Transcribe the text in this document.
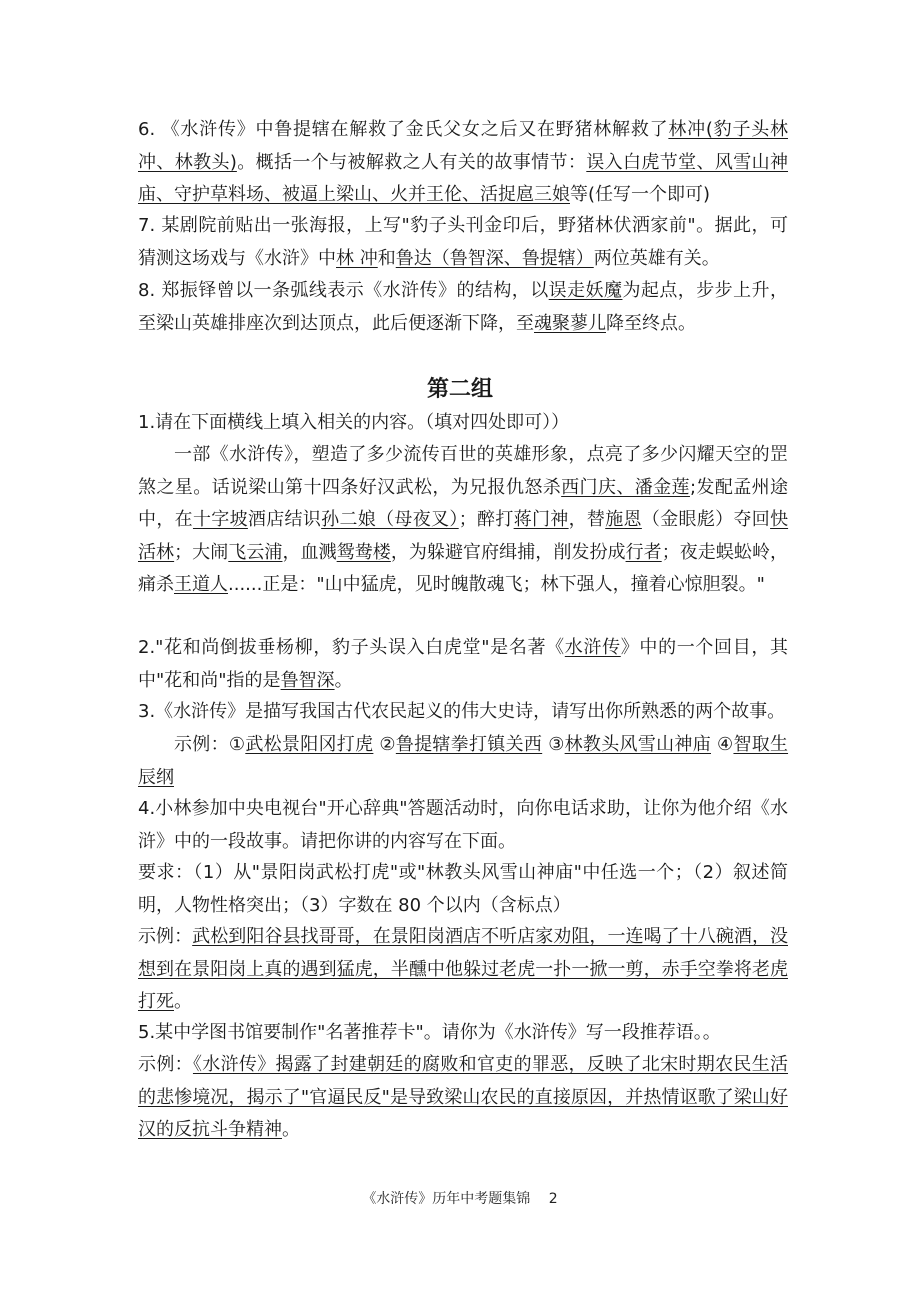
6. 《水浒传》中鲁提辖在解救了金氏父女之后又在野猪林解救了林冲(豹子头林冲、林教头)。概括一个与被解救之人有关的故事情节：误入白虎节堂、风雪山神庙、守护草料场、被逼上梁山、火并王伦、活捉扈三娘等(任写一个即可)
7. 某剧院前贴出一张海报，上写"豹子头刊金印后，野猪林伏洒家前"。据此，可猜测这场戏与《水浒》中林 冲和鲁达（鲁智深、鲁提辖）两位英雄有关。
8. 郑振铎曾以一条弧线表示《水浒传》的结构，以误走妖魔为起点，步步上升，至梁山英雄排座次到达顶点，此后便逐渐下降，至魂聚蓼儿降至终点。
第二组
1.请在下面横线上填入相关的内容。（填对四处即可））
一部《水浒传》，塑造了多少流传百世的英雄形象，点亮了多少闪耀天空的罡煞之星。话说梁山第十四条好汉武松，为兄报仇怒杀西门庆、潘金莲;发配孟州途中，在十字坡酒店结识孙二娘（母夜叉）；醉打蒋门神，替施恩（金眼彪）夺回快活林；大闹飞云浦，血溅鸳鸯楼，为躲避官府缉捕，削发扮成行者；夜走蜈蚣岭，痛杀王道人......正是："山中猛虎，见时魄散魂飞；林下强人，撞着心惊胆裂。"
2."花和尚倒拔垂杨柳，豹子头误入白虎堂"是名著《水浒传》中的一个回目，其中"花和尚"指的是鲁智深。
3.《水浒传》是描写我国古代农民起义的伟大史诗，请写出你所熟悉的两个故事。
示例：①武松景阳冈打虎 ②鲁提辖拳打镇关西 ③林教头风雪山神庙 ④智取生辰纲
4.小林参加中央电视台"开心辞典"答题活动时，向你电话求助，让你为他介绍《水浒》中的一段故事。请把你讲的内容写在下面。
要求：（1）从"景阳岗武松打虎"或"林教头风雪山神庙"中任选一个；（2）叙述简明，人物性格突出；（3）字数在 80 个以内（含标点）
示例：武松到阳谷县找哥哥，在景阳岗酒店不听店家劝阻，一连喝了十八碗酒，没想到在景阳岗上真的遇到猛虎，半醺中他躲过老虎一扑一掀一剪，赤手空拳将老虎打死。
5.某中学图书馆要制作"名著推荐卡"。请你为《水浒传》写一段推荐语。。
示例：《水浒传》揭露了封建朝廷的腐败和官吏的罪恶，反映了北宋时期农民生活的悲惨境况，揭示了"官逼民反"是导致梁山农民的直接原因，并热情讴歌了梁山好汉的反抗斗争精神。
《水浒传》历年中考题集锦　 2
